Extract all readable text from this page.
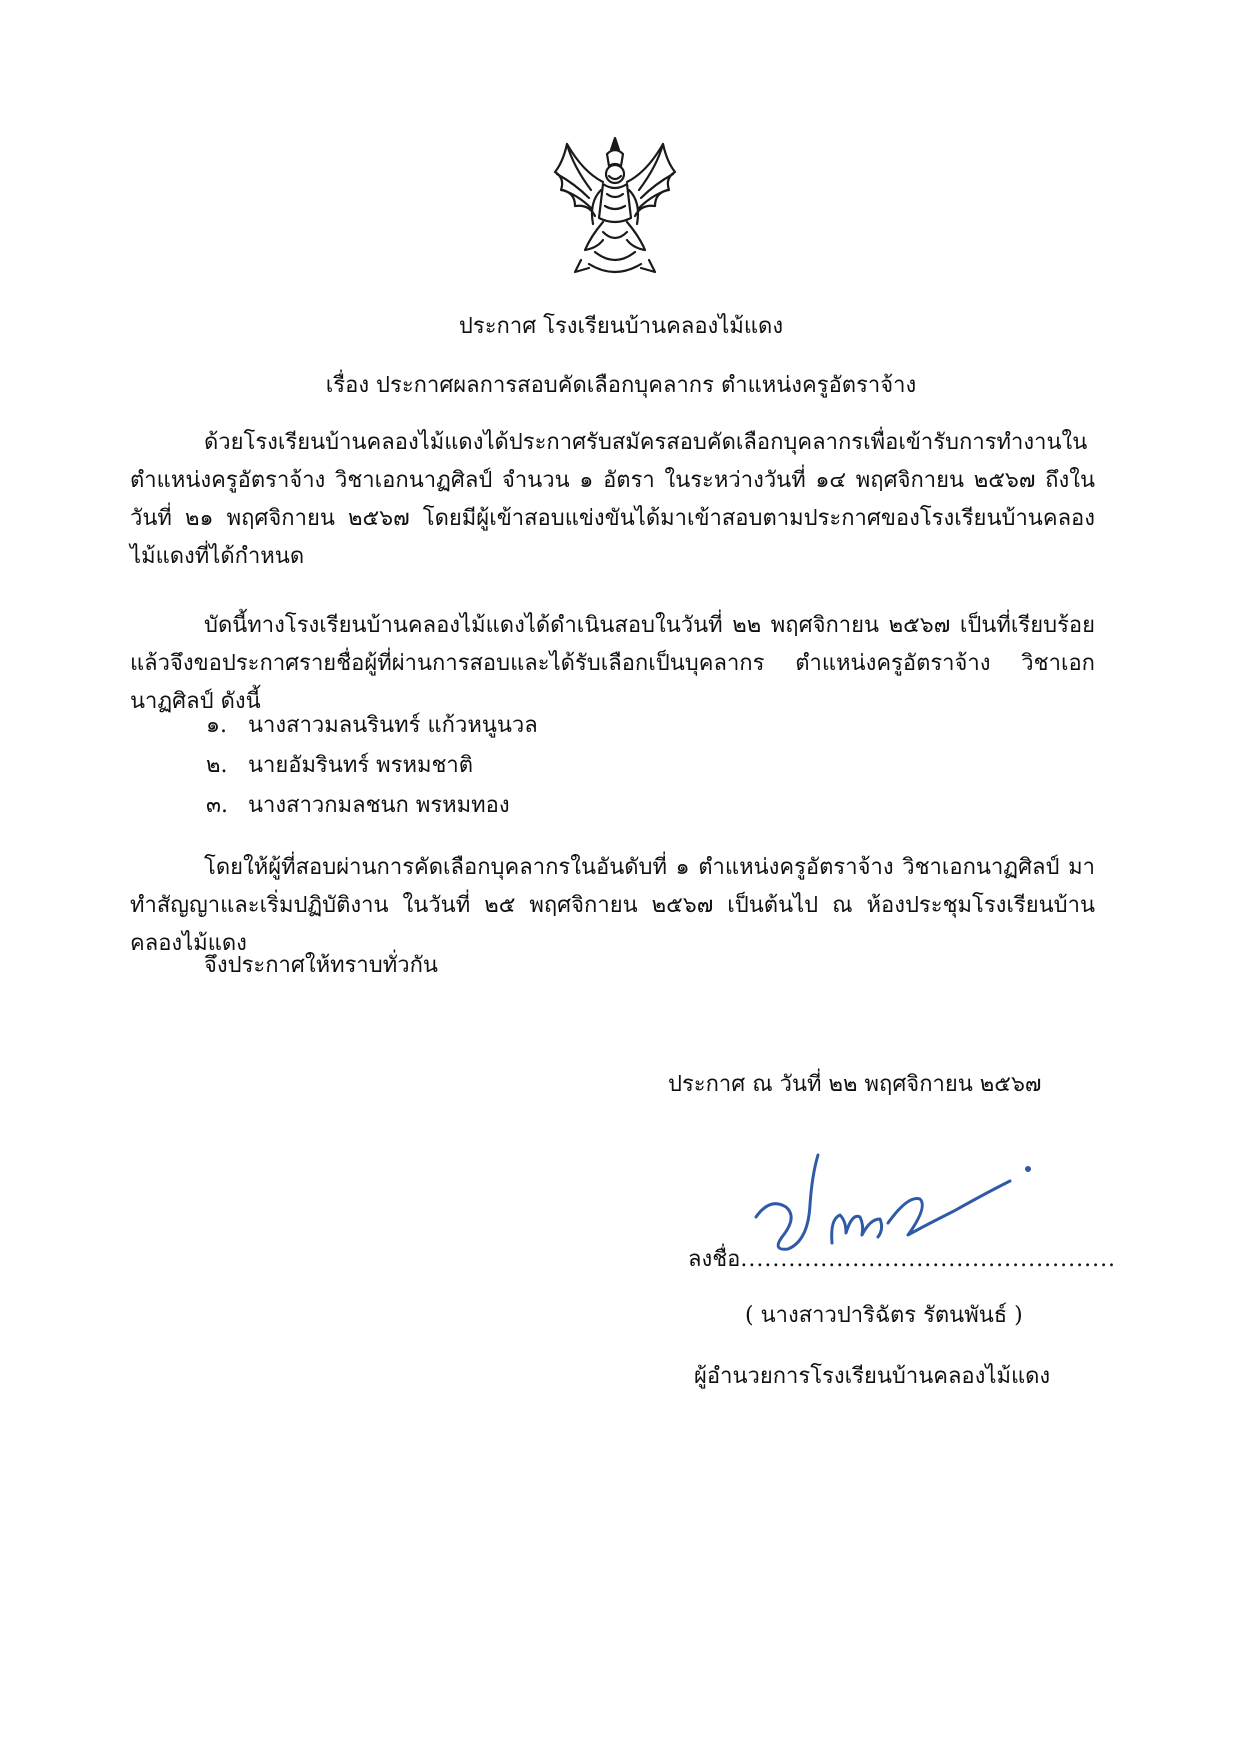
ประกาศ โรงเรียนบ้านคลองไม้แดง
เรื่อง ประกาศผลการสอบคัดเลือกบุคลากร ตำแหน่งครูอัตราจ้าง

ด้วยโรงเรียนบ้านคลองไม้แดงได้ประกาศรับสมัครสอบคัดเลือกบุคลากรเพื่อเข้ารับการทำงานในตำแหน่งครูอัตราจ้าง วิชาเอกนาฏศิลป์ จำนวน ๑ อัตรา ในระหว่างวันที่ ๑๔ พฤศจิกายน ๒๕๖๗ ถึงในวันที่ ๒๑ พฤศจิกายน ๒๕๖๗ โดยมีผู้เข้าสอบแข่งขันได้มาเข้าสอบตามประกาศของโรงเรียนบ้านคลองไม้แดงที่ได้กำหนด

บัดนี้ทางโรงเรียนบ้านคลองไม้แดงได้ดำเนินสอบในวันที่ ๒๒ พฤศจิกายน ๒๕๖๗ เป็นที่เรียบร้อยแล้วจึงขอประกาศรายชื่อผู้ที่ผ่านการสอบและได้รับเลือกเป็นบุคลากร ตำแหน่งครูอัตราจ้าง วิชาเอกนาฏศิลป์ ดังนี้

๑. นางสาวมลนรินทร์ แก้วหนูนวล
๒. นายอัมรินทร์ พรหมชาติ
๓. นางสาวกมลชนก พรหมทอง

โดยให้ผู้ที่สอบผ่านการคัดเลือกบุคลากรในอันดับที่ ๑ ตำแหน่งครูอัตราจ้าง วิชาเอกนาฏศิลป์ มาทำสัญญาและเริ่มปฏิบัติงาน ในวันที่ ๒๕ พฤศจิกายน ๒๕๖๗ เป็นต้นไป ณ ห้องประชุมโรงเรียนบ้านคลองไม้แดง

จึงประกาศให้ทราบทั่วกัน

ประกาศ ณ วันที่ ๒๒ พฤศจิกายน ๒๕๖๗
ลงชื่อ...............................................
( นางสาวปาริฉัตร รัตนพันธ์ )
ผู้อำนวยการโรงเรียนบ้านคลองไม้แดง
